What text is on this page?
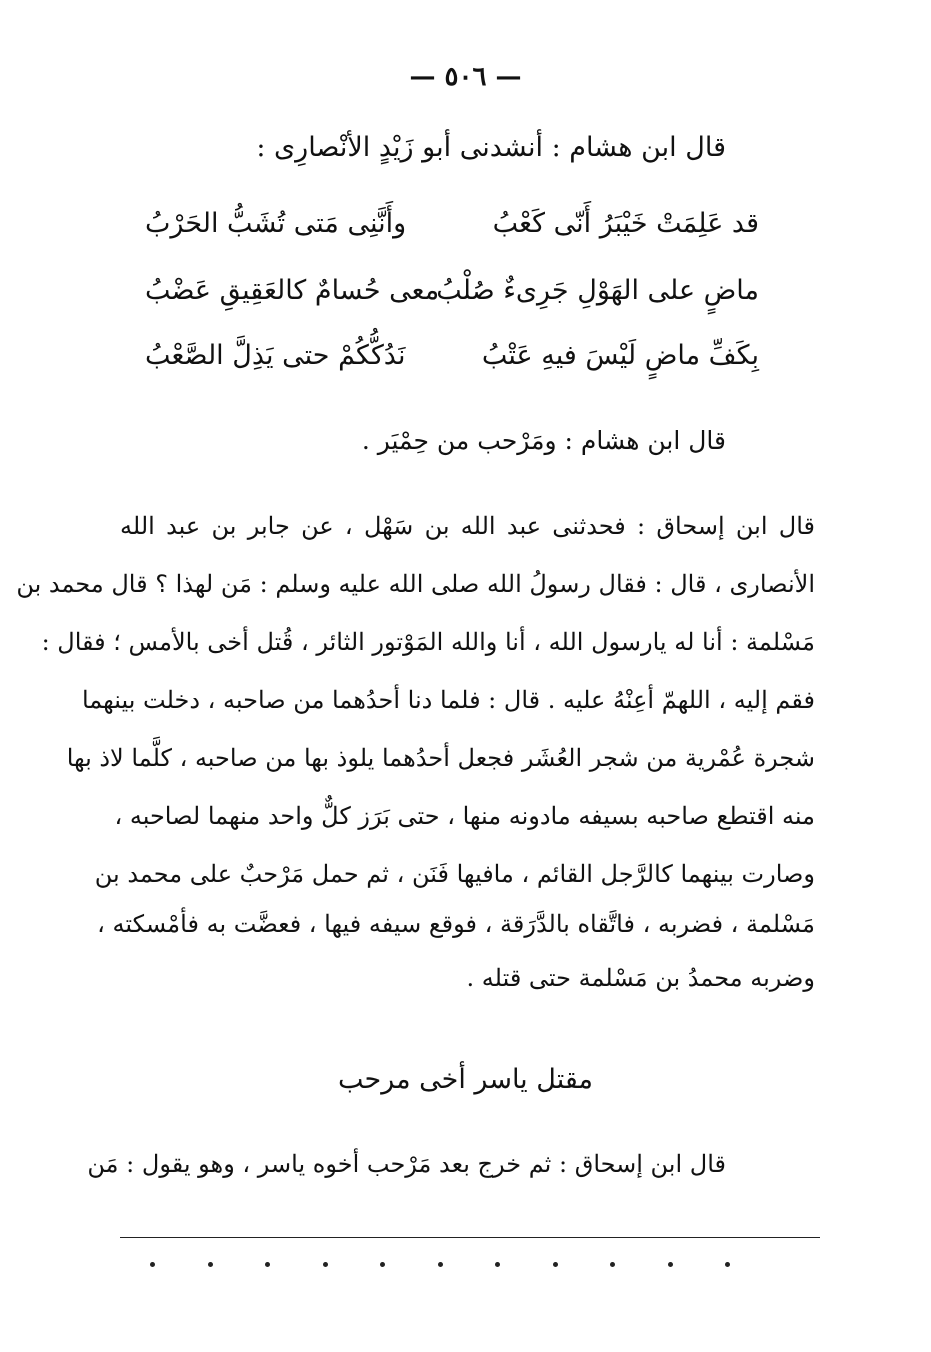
— ٥٠٦ —
قال ابن هشام : أنشدنى أبو زَيْدٍ الأنْصارِى :
قد عَلِمَتْ خَيْبَرُ أَنّى كَعْبُ
وأَنَّنِى مَتى تُشَبُّ الحَرْبُ
ماضٍ على الهَوْلِ جَرِىءٌ صُلْبُ
معى حُسامٌ كالعَقِيقِ عَضْبُ
بِكَفِّ ماضٍ لَيْسَ فيهِ عَتْبُ
نَدُكُّكُمْ حتى يَذِلَّ الصَّعْبُ
قال ابن هشام : ومَرْحب من حِمْيَر .
قال ابن إسحاق : فحدثنى عبد الله بن سَهْل ، عن جابر بن عبد الله
الأنصارى ، قال : فقال رسولُ الله صلى الله عليه وسلم : مَن لهذا ؟ قال محمد بن
مَسْلمة : أنا له يارسول الله ، أنا والله المَوْتور الثائر ، قُتل أخى بالأمس ؛ فقال :
فقم إليه ، اللهمّ أعِنْهُ عليه . قال : فلما دنا أحدُهما من صاحبه ، دخلت بينهما
شجرة عُمْرية من شجر العُشَر فجعل أحدُهما يلوذ بها من صاحبه ، كلَّما لاذ بها
منه اقتطع صاحبه بسيفه مادونه منها ، حتى بَرَز كلٌّ واحد منهما لصاحبه ،
وصارت بينهما كالرَّجل القائم ، مافيها فَنَن ، ثم حمل مَرْحبٌ على محمد بن
مَسْلمة ، فضربه ، فاتَّقاه بالدَّرَقة ، فوقع سيفه فيها ، فعضَّت به فأمْسكته ،
وضربه محمدُ بن مَسْلمة حتى قتله .
مقتل ياسر أخى مرحب
قال ابن إسحاق : ثم خرج بعد مَرْحب أخوه ياسر ، وهو يقول : مَن
